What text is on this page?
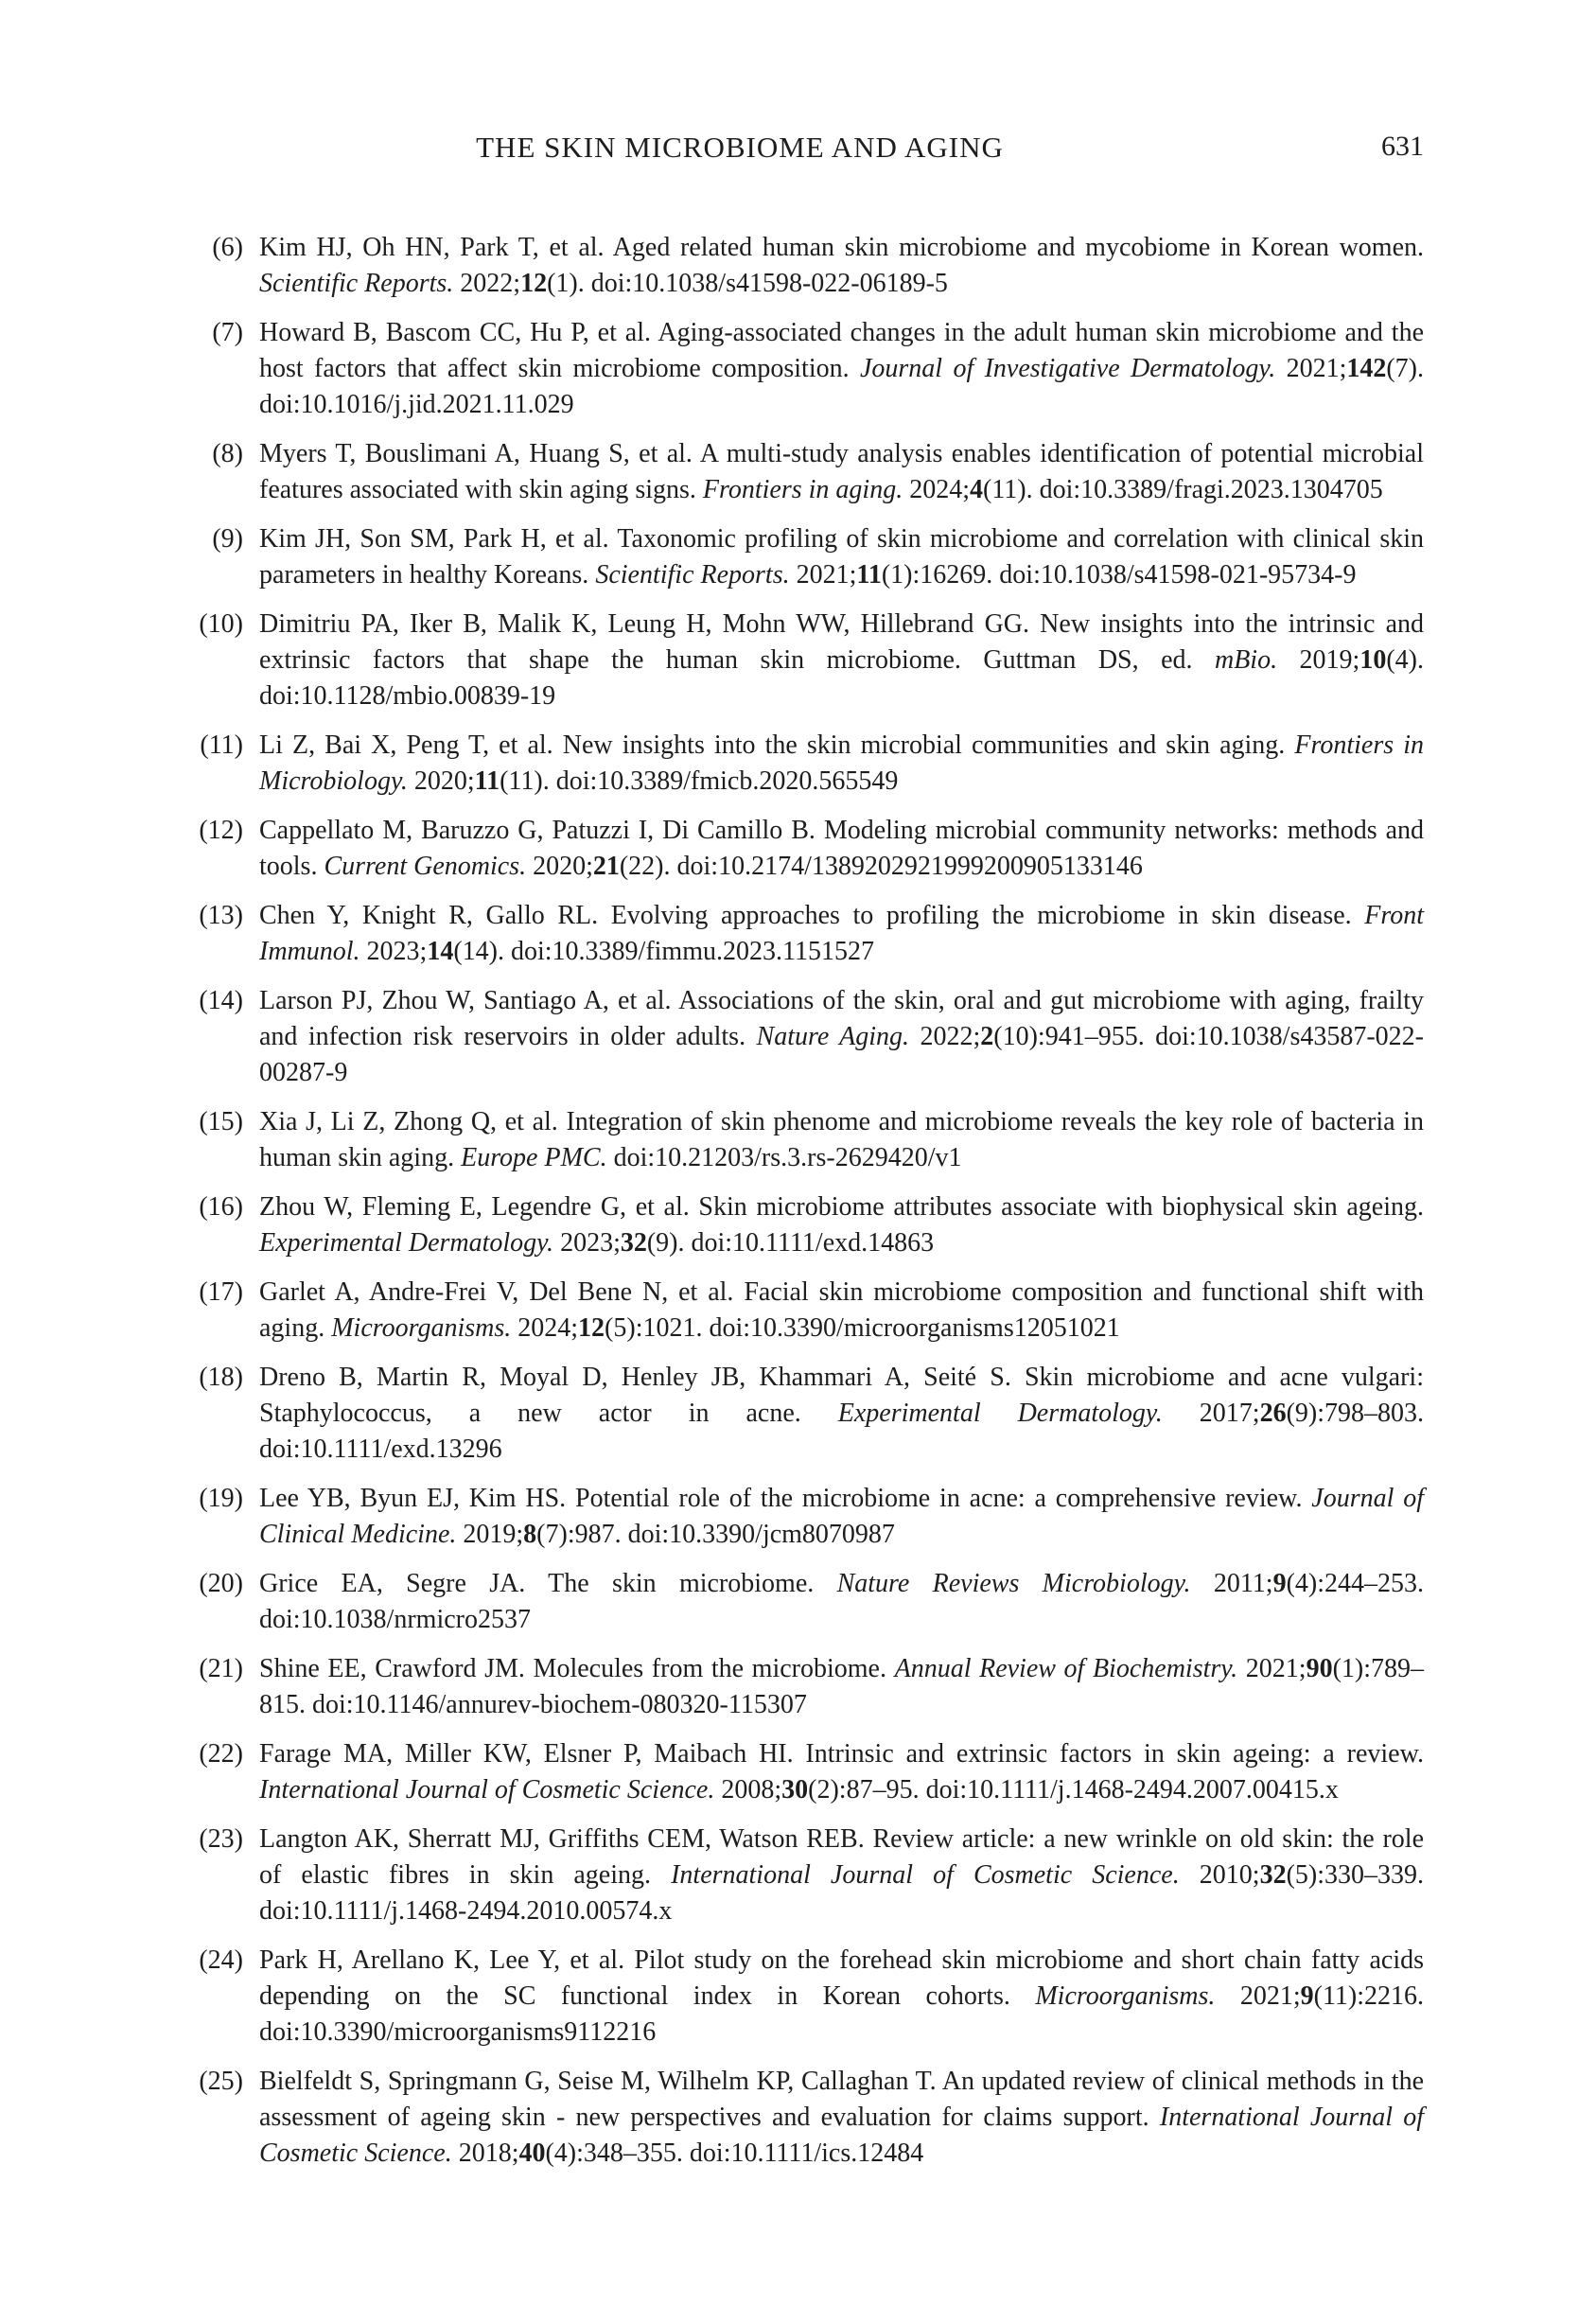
THE SKIN MICROBIOME AND AGING	631
(6) Kim HJ, Oh HN, Park T, et al. Aged related human skin microbiome and mycobiome in Korean women. Scientific Reports. 2022;12(1). doi:10.1038/s41598-022-06189-5
(7) Howard B, Bascom CC, Hu P, et al. Aging-associated changes in the adult human skin microbiome and the host factors that affect skin microbiome composition. Journal of Investigative Dermatology. 2021;142(7). doi:10.1016/j.jid.2021.11.029
(8) Myers T, Bouslimani A, Huang S, et al. A multi-study analysis enables identification of potential microbial features associated with skin aging signs. Frontiers in aging. 2024;4(11). doi:10.3389/fragi.2023.1304705
(9) Kim JH, Son SM, Park H, et al. Taxonomic profiling of skin microbiome and correlation with clinical skin parameters in healthy Koreans. Scientific Reports. 2021;11(1):16269. doi:10.1038/s41598-021-95734-9
(10) Dimitriu PA, Iker B, Malik K, Leung H, Mohn WW, Hillebrand GG. New insights into the intrinsic and extrinsic factors that shape the human skin microbiome. Guttman DS, ed. mBio. 2019;10(4). doi:10.1128/mbio.00839-19
(11) Li Z, Bai X, Peng T, et al. New insights into the skin microbial communities and skin aging. Frontiers in Microbiology. 2020;11(11). doi:10.3389/fmicb.2020.565549
(12) Cappellato M, Baruzzo G, Patuzzi I, Di Camillo B. Modeling microbial community networks: methods and tools. Current Genomics. 2020;21(22). doi:10.2174/1389202921999200905133146
(13) Chen Y, Knight R, Gallo RL. Evolving approaches to profiling the microbiome in skin disease. Front Immunol. 2023;14(14). doi:10.3389/fimmu.2023.1151527
(14) Larson PJ, Zhou W, Santiago A, et al. Associations of the skin, oral and gut microbiome with aging, frailty and infection risk reservoirs in older adults. Nature Aging. 2022;2(10):941–955. doi:10.1038/s43587-022-00287-9
(15) Xia J, Li Z, Zhong Q, et al. Integration of skin phenome and microbiome reveals the key role of bacteria in human skin aging. Europe PMC. doi:10.21203/rs.3.rs-2629420/v1
(16) Zhou W, Fleming E, Legendre G, et al. Skin microbiome attributes associate with biophysical skin ageing. Experimental Dermatology. 2023;32(9). doi:10.1111/exd.14863
(17) Garlet A, Andre-Frei V, Del Bene N, et al. Facial skin microbiome composition and functional shift with aging. Microorganisms. 2024;12(5):1021. doi:10.3390/microorganisms12051021
(18) Dreno B, Martin R, Moyal D, Henley JB, Khammari A, Seité S. Skin microbiome and acne vulgari: Staphylococcus, a new actor in acne. Experimental Dermatology. 2017;26(9):798–803. doi:10.1111/exd.13296
(19) Lee YB, Byun EJ, Kim HS. Potential role of the microbiome in acne: a comprehensive review. Journal of Clinical Medicine. 2019;8(7):987. doi:10.3390/jcm8070987
(20) Grice EA, Segre JA. The skin microbiome. Nature Reviews Microbiology. 2011;9(4):244–253. doi:10.1038/nrmicro2537
(21) Shine EE, Crawford JM. Molecules from the microbiome. Annual Review of Biochemistry. 2021;90(1):789–815. doi:10.1146/annurev-biochem-080320-115307
(22) Farage MA, Miller KW, Elsner P, Maibach HI. Intrinsic and extrinsic factors in skin ageing: a review. International Journal of Cosmetic Science. 2008;30(2):87–95. doi:10.1111/j.1468-2494.2007.00415.x
(23) Langton AK, Sherratt MJ, Griffiths CEM, Watson REB. Review article: a new wrinkle on old skin: the role of elastic fibres in skin ageing. International Journal of Cosmetic Science. 2010;32(5):330–339. doi:10.1111/j.1468-2494.2010.00574.x
(24) Park H, Arellano K, Lee Y, et al. Pilot study on the forehead skin microbiome and short chain fatty acids depending on the SC functional index in Korean cohorts. Microorganisms. 2021;9(11):2216. doi:10.3390/microorganisms9112216
(25) Bielfeldt S, Springmann G, Seise M, Wilhelm KP, Callaghan T. An updated review of clinical methods in the assessment of ageing skin - new perspectives and evaluation for claims support. International Journal of Cosmetic Science. 2018;40(4):348–355. doi:10.1111/ics.12484
